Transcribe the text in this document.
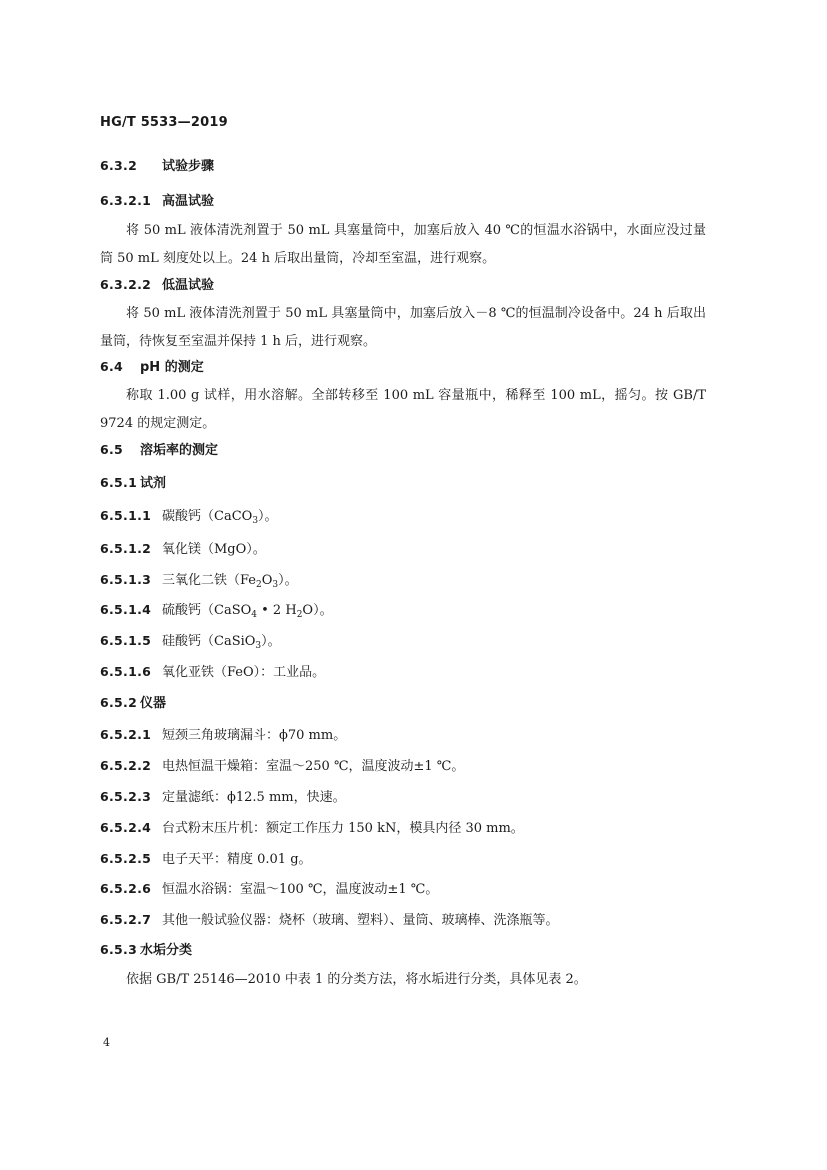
HG/T 5533—2019
6.3.2 试验步骤
6.3.2.1 高温试验
将 50 mL 液体清洗剂置于 50 mL 具塞量筒中，加塞后放入 40 ℃的恒温水浴锅中，水面应没过量筒 50 mL 刻度处以上。24 h 后取出量筒，冷却至室温，进行观察。
6.3.2.2 低温试验
将 50 mL 液体清洗剂置于 50 mL 具塞量筒中，加塞后放入－8 ℃的恒温制冷设备中。24 h 后取出量筒，待恢复至室温并保持 1 h 后，进行观察。
6.4 pH 的测定
称取 1.00 g 试样，用水溶解。全部转移至 100 mL 容量瓶中，稀释至 100 mL，摇匀。按 GB/T 9724 的规定测定。
6.5 溶垢率的测定
6.5.1 试剂
6.5.1.1 碳酸钙（CaCO$_3$）。
6.5.1.2 氧化镁（MgO）。
6.5.1.3 三氧化二铁$(Fe_2O_3)$。
6.5.1.4 硫酸钙（CaSO$_4$ • 2 $H_2O$）。
6.5.1.5 硅酸钙（CaSiO$_3$）。
6.5.1.6 氧化亚铁（FeO）：工业品。
6.5.2 仪器
6.5.2.1 短颈三角玻璃漏斗：ϕ70 mm。
6.5.2.2 电热恒温干燥箱：室温～250 ℃，温度波动±1 ℃。
6.5.2.3 定量滤纸：ϕ12.5 mm，快速。
6.5.2.4 台式粉末压片机：额定工作压力 150 kN，模具内径 30 mm。
6.5.2.5 电子天平：精度 0.01 g。
6.5.2.6 恒温水浴锅：室温～100 ℃，温度波动±1 ℃。
6.5.2.7 其他一般试验仪器：烧杯（玻璃、塑料）、量筒、玻璃棒、洗涤瓶等。
6.5.3 水垢分类
依据 GB/T 25146—2010 中表 1 的分类方法，将水垢进行分类，具体见表 2。
4
